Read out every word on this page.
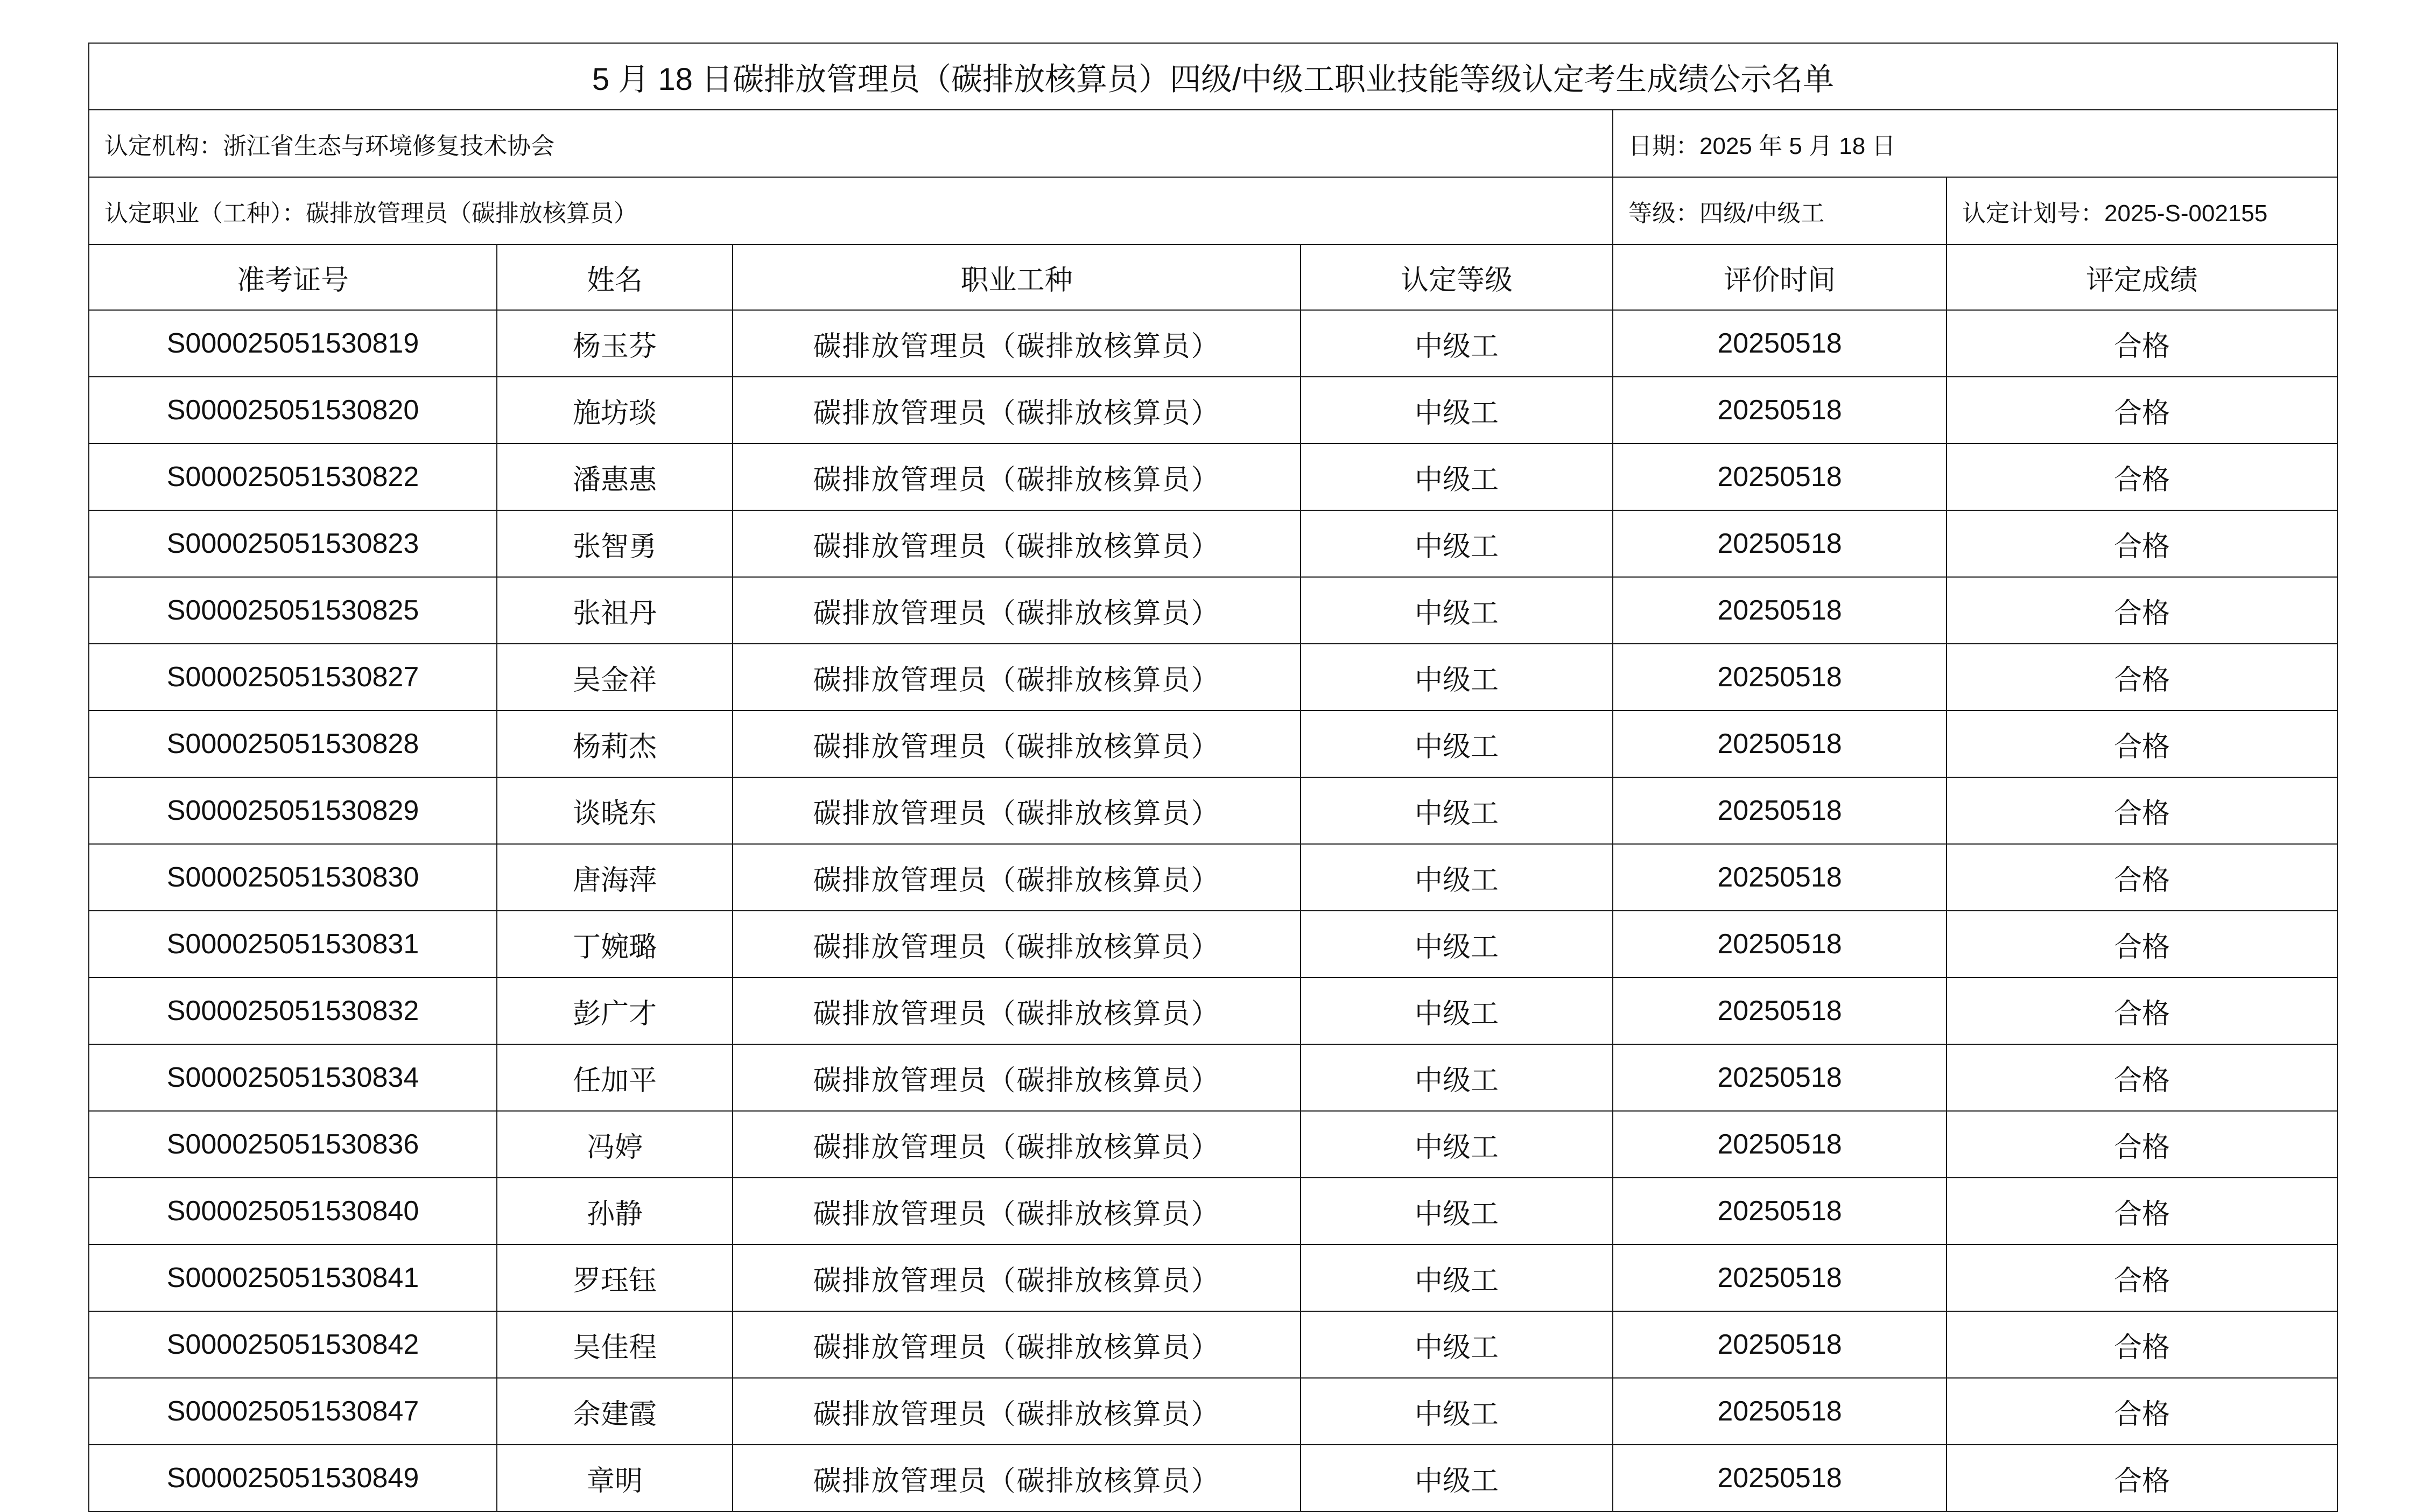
5 月 18 日碳排放管理员（碳排放核算员）四级/中级工职业技能等级认定考生成绩公示名单					
认定机构：浙江省生态与环境修复技术协会				日期：2025 年 5 月 18 日	
认定职业（工种）：碳排放管理员（碳排放核算员）				等级：四级/中级工	认定计划号：2025-S-002155
准考证号	姓名	职业工种	认定等级	评价时间	评定成绩
S000025051530819	杨玉芬	碳排放管理员（碳排放核算员）	中级工	20250518	合格
S000025051530820	施坊琰	碳排放管理员（碳排放核算员）	中级工	20250518	合格
S000025051530822	潘惠惠	碳排放管理员（碳排放核算员）	中级工	20250518	合格
S000025051530823	张智勇	碳排放管理员（碳排放核算员）	中级工	20250518	合格
S000025051530825	张祖丹	碳排放管理员（碳排放核算员）	中级工	20250518	合格
S000025051530827	吴金祥	碳排放管理员（碳排放核算员）	中级工	20250518	合格
S000025051530828	杨莉杰	碳排放管理员（碳排放核算员）	中级工	20250518	合格
S000025051530829	谈晓东	碳排放管理员（碳排放核算员）	中级工	20250518	合格
S000025051530830	唐海萍	碳排放管理员（碳排放核算员）	中级工	20250518	合格
S000025051530831	丁婉璐	碳排放管理员（碳排放核算员）	中级工	20250518	合格
S000025051530832	彭广才	碳排放管理员（碳排放核算员）	中级工	20250518	合格
S000025051530834	任加平	碳排放管理员（碳排放核算员）	中级工	20250518	合格
S000025051530836	冯婷	碳排放管理员（碳排放核算员）	中级工	20250518	合格
S000025051530840	孙静	碳排放管理员（碳排放核算员）	中级工	20250518	合格
S000025051530841	罗珏钰	碳排放管理员（碳排放核算员）	中级工	20250518	合格
S000025051530842	吴佳程	碳排放管理员（碳排放核算员）	中级工	20250518	合格
S000025051530847	余建霞	碳排放管理员（碳排放核算员）	中级工	20250518	合格
S000025051530849	章明	碳排放管理员（碳排放核算员）	中级工	20250518	合格
